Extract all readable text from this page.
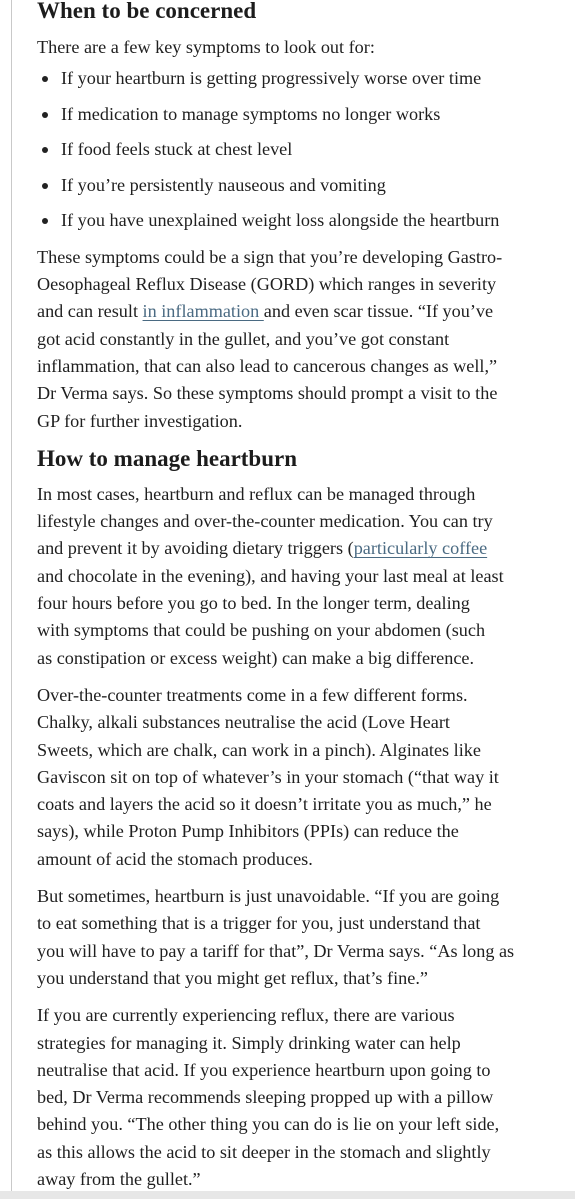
When to be concerned

There are a few key symptoms to look out for:

If your heartburn is getting progressively worse over time
If medication to manage symptoms no longer works
If food feels stuck at chest level
If you’re persistently nauseous and vomiting
If you have unexplained weight loss alongside the heartburn

These symptoms could be a sign that you’re developing Gastro-
Oesophageal Reflux Disease (GORD) which ranges in severity
and can result in inflammation and even scar tissue. “If you’ve
got acid constantly in the gullet, and you’ve got constant
inflammation, that can also lead to cancerous changes as well,”
Dr Verma says. So these symptoms should prompt a visit to the
GP for further investigation.

How to manage heartburn

In most cases, heartburn and reflux can be managed through
lifestyle changes and over-the-counter medication. You can try
and prevent it by avoiding dietary triggers (particularly coffee
and chocolate in the evening), and having your last meal at least
four hours before you go to bed. In the longer term, dealing
with symptoms that could be pushing on your abdomen (such
as constipation or excess weight) can make a big difference.

Over-the-counter treatments come in a few different forms.
Chalky, alkali substances neutralise the acid (Love Heart
Sweets, which are chalk, can work in a pinch). Alginates like
Gaviscon sit on top of whatever’s in your stomach (“that way it
coats and layers the acid so it doesn’t irritate you as much,” he
says), while Proton Pump Inhibitors (PPIs) can reduce the
amount of acid the stomach produces.

But sometimes, heartburn is just unavoidable. “If you are going
to eat something that is a trigger for you, just understand that
you will have to pay a tariff for that”, Dr Verma says. “As long as
you understand that you might get reflux, that’s fine.”

If you are currently experiencing reflux, there are various
strategies for managing it. Simply drinking water can help
neutralise that acid. If you experience heartburn upon going to
bed, Dr Verma recommends sleeping propped up with a pillow
behind you. “The other thing you can do is lie on your left side,
as this allows the acid to sit deeper in the stomach and slightly
away from the gullet.”
